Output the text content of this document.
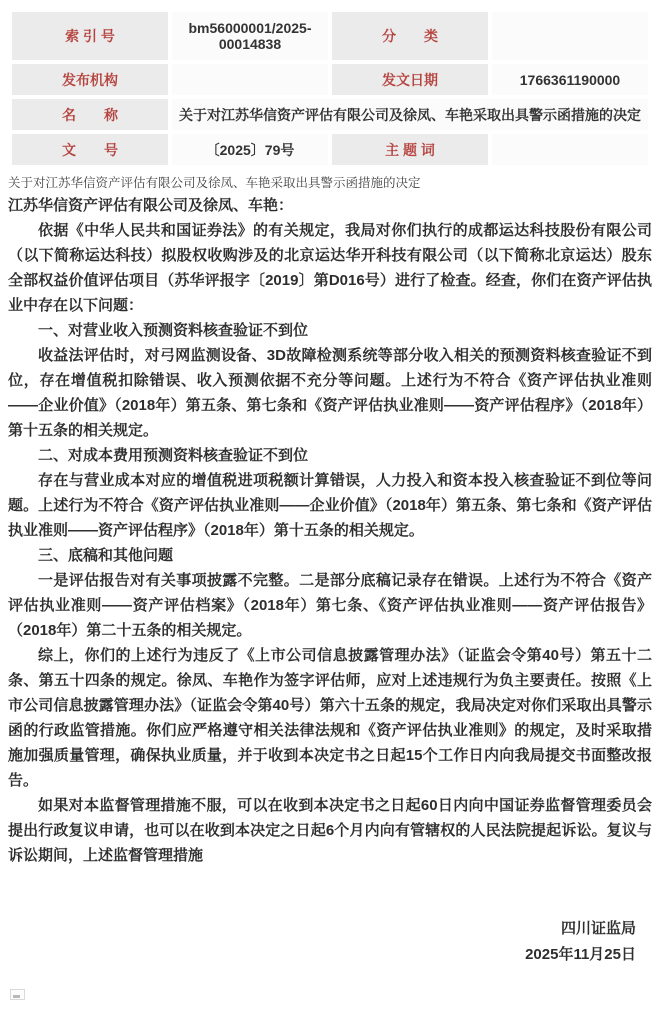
索 引 号	bm56000001/2025-00014838	分　　类	
发布机构		发文日期	1766361190000
名　　称	关于对江苏华信资产评估有限公司及徐凤、车艳采取出具警示函措施的决定		
文　　号	〔2025〕79号	主 题 词	
关于对江苏华信资产评估有限公司及徐凤、车艳采取出具警示函措施的决定

江苏华信资产评估有限公司及徐凤、车艳：

依据《中华人民共和国证券法》的有关规定，我局对你们执行的成都运达科技股份有限公司（以下简称运达科技）拟股权收购涉及的北京运达华开科技有限公司（以下简称北京运达）股东全部权益价值评估项目（苏华评报字〔2019〕第D016号）进行了检查。经查，你们在资产评估执业中存在以下问题：

一、对营业收入预测资料核查验证不到位

收益法评估时，对弓网监测设备、3D故障检测系统等部分收入相关的预测资料核查验证不到位，存在增值税扣除错误、收入预测依据不充分等问题。上述行为不符合《资产评估执业准则——企业价值》（2018年）第五条、第七条和《资产评估执业准则——资产评估程序》（2018年）第十五条的相关规定。

二、对成本费用预测资料核查验证不到位

存在与营业成本对应的增值税进项税额计算错误，人力投入和资本投入核查验证不到位等问题。上述行为不符合《资产评估执业准则——企业价值》（2018年）第五条、第七条和《资产评估执业准则——资产评估程序》（2018年）第十五条的相关规定。

三、底稿和其他问题

一是评估报告对有关事项披露不完整。二是部分底稿记录存在错误。上述行为不符合《资产评估执业准则——资产评估档案》（2018年）第七条、《资产评估执业准则——资产评估报告》（2018年）第二十五条的相关规定。

综上，你们的上述行为违反了《上市公司信息披露管理办法》（证监会令第40号）第五十二条、第五十四条的规定。徐凤、车艳作为签字评估师，应对上述违规行为负主要责任。按照《上市公司信息披露管理办法》（证监会令第40号）第六十五条的规定，我局决定对你们采取出具警示函的行政监管措施。你们应严格遵守相关法律法规和《资产评估执业准则》的规定，及时采取措施加强质量管理，确保执业质量，并于收到本决定书之日起15个工作日内向我局提交书面整改报告。

如果对本监督管理措施不服，可以在收到本决定书之日起60日内向中国证券监督管理委员会提出行政复议申请，也可以在收到本决定之日起6个月内向有管辖权的人民法院提起诉讼。复议与诉讼期间，上述监督管理措施

四川证监局
2025年11月25日
